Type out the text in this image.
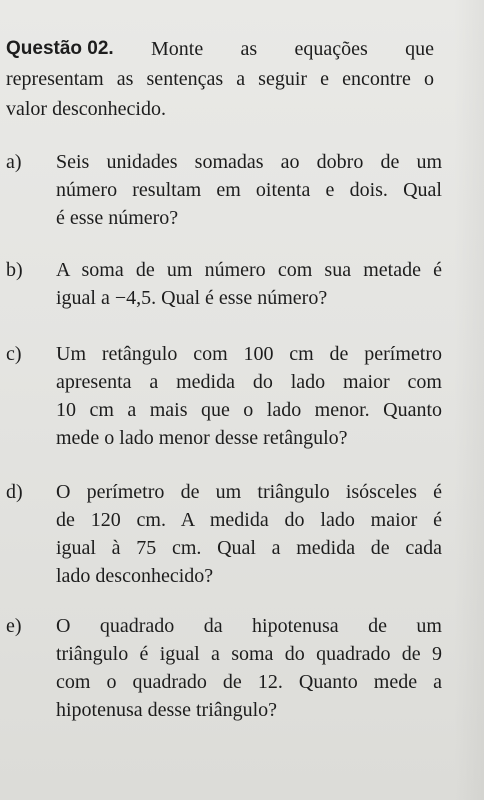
Questão 02. Monte as equações que
representam as sentenças a seguir e encontre o
valor desconhecido.
a)	Seis unidades somadas ao dobro de um
número resultam em oitenta e dois. Qual
é esse número?
b)	A soma de um número com sua metade é
igual a −4,5. Qual é esse número?
c)	Um retângulo com 100 cm de perímetro
apresenta a medida do lado maior com
10 cm a mais que o lado menor. Quanto
mede o lado menor desse retângulo?
d)	O perímetro de um triângulo isósceles é
de 120 cm. A medida do lado maior é
igual à 75 cm. Qual a medida de cada
lado desconhecido?
e)	O quadrado da hipotenusa de um
triângulo é igual a soma do quadrado de 9
com o quadrado de 12. Quanto mede a
hipotenusa desse triângulo?
